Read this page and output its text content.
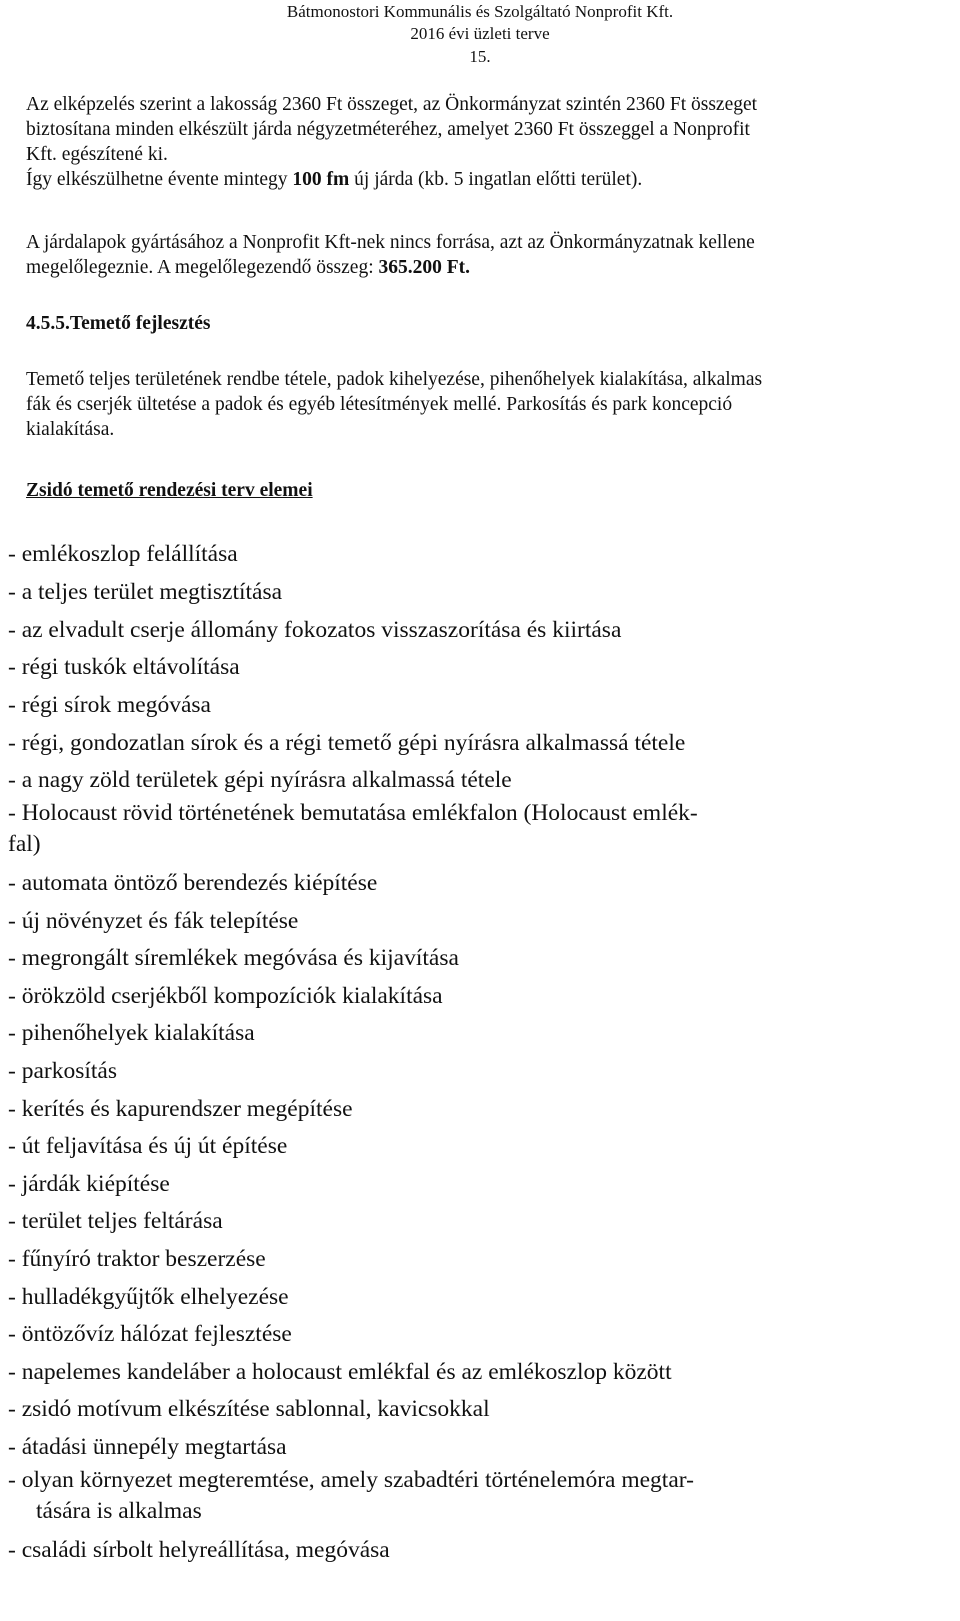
Bátmonostori Kommunális és Szolgáltató Nonprofit Kft.
2016 évi üzleti terve
15.
Az elképzelés szerint a lakosság 2360 Ft összeget, az Önkormányzat szintén 2360 Ft összeget
biztosítana minden elkészült járda négyzetméteréhez, amelyet 2360 Ft összeggel a Nonprofit
Kft. egészítené ki.
Így elkészülhetne évente mintegy 100 fm új járda (kb. 5 ingatlan előtti terület).
A járdalapok gyártásához a Nonprofit Kft-nek nincs forrása, azt az Önkormányzatnak kellene
megelőlegeznie. A megelőlegezendő összeg: 365.200 Ft.
4.5.5.Temető fejlesztés
Temető teljes területének rendbe tétele, padok kihelyezése, pihenőhelyek kialakítása, alkalmas
fák és cserjék ültetése a padok és egyéb létesítmények mellé. Parkosítás és park koncepció
kialakítása.
Zsidó temető rendezési terv elemei
- emlékoszlop felállítása
- a teljes terület megtisztítása
- az elvadult cserje állomány fokozatos visszaszorítása és kiirtása
- régi tuskók eltávolítása
- régi sírok megóvása
- régi, gondozatlan sírok és a régi temető gépi nyírásra alkalmassá tétele
- a nagy zöld területek gépi nyírásra alkalmassá tétele
- Holocaust rövid történetének bemutatása emlékfalon (Holocaust emlék-
fal)
- automata öntöző berendezés kiépítése
- új növényzet és fák telepítése
- megrongált síremlékek megóvása és kijavítása
- örökzöld cserjékből kompozíciók kialakítása
- pihenőhelyek kialakítása
- parkosítás
- kerítés és kapurendszer megépítése
- út feljavítása és új út építése
- járdák kiépítése
- terület teljes feltárása
- fűnyíró traktor beszerzése
- hulladékgyűjtők elhelyezése
- öntözővíz hálózat fejlesztése
- napelemes kandeláber a holocaust emlékfal és az emlékoszlop között
- zsidó motívum elkészítése sablonnal, kavicsokkal
- átadási ünnepély megtartása
- olyan környezet megteremtése, amely szabadtéri történelemóra megtar-
tására is alkalmas
- családi sírbolt helyreállítása, megóvása
